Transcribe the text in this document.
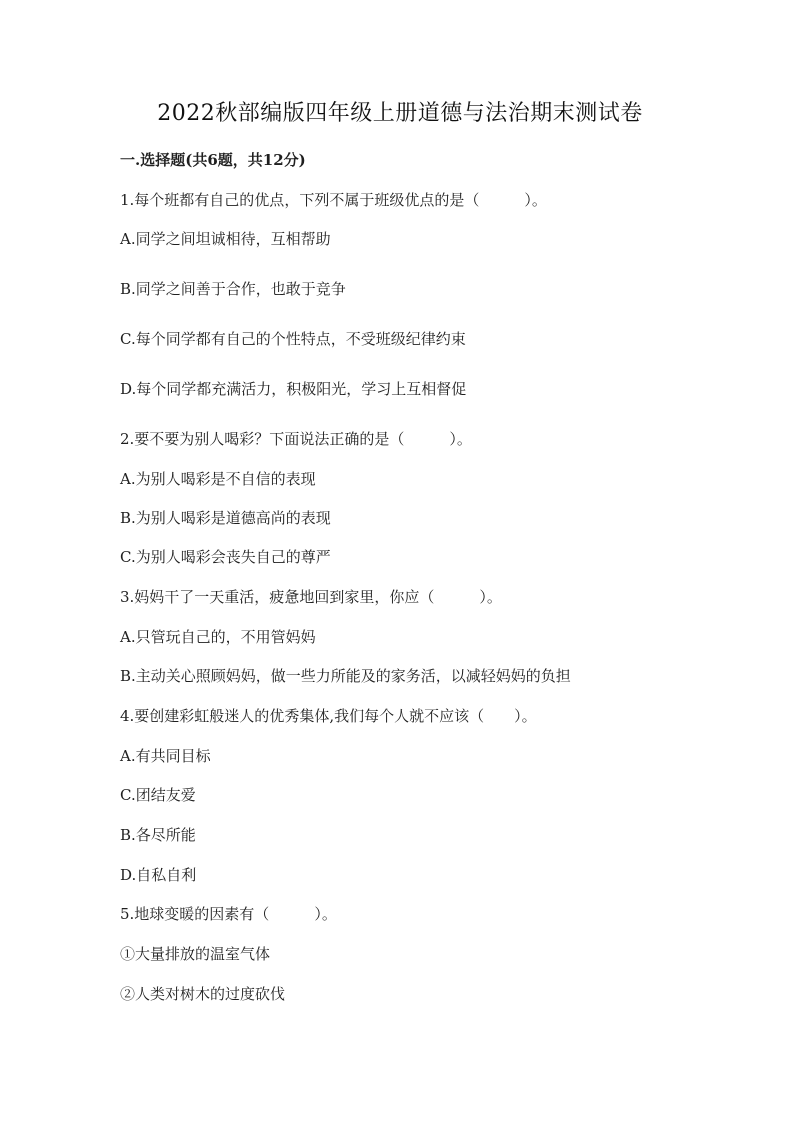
2022秋部编版四年级上册道德与法治期末测试卷
一.选择题(共6题，共12分)
1.每个班都有自己的优点，下列不属于班级优点的是（　　　）。
A.同学之间坦诚相待，互相帮助
B.同学之间善于合作，也敢于竞争
C.每个同学都有自己的个性特点，不受班级纪律约束
D.每个同学都充满活力，积极阳光，学习上互相督促
2.要不要为别人喝彩？下面说法正确的是（　　　）。
A.为别人喝彩是不自信的表现
B.为别人喝彩是道德高尚的表现
C.为别人喝彩会丧失自己的尊严
3.妈妈干了一天重活，疲惫地回到家里，你应（　　　）。
A.只管玩自己的，不用管妈妈
B.主动关心照顾妈妈，做一些力所能及的家务活，以减轻妈妈的负担
4.要创建彩虹般迷人的优秀集体,我们每个人就不应该（　　）。
A.有共同目标
C.团结友爱
B.各尽所能
D.自私自利
5.地球变暖的因素有（　　　）。
①大量排放的温室气体
②人类对树木的过度砍伐
